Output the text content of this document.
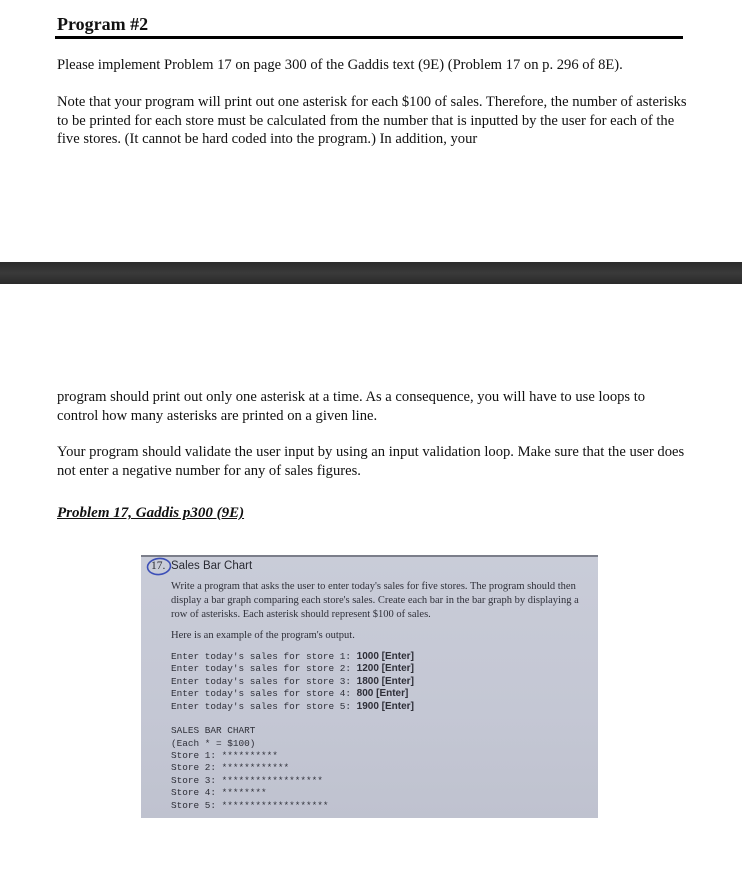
Program #2

Please implement Problem 17 on page 300 of the Gaddis text (9E) (Problem 17 on p. 296 of 8E).

Note that your program will print out one asterisk for each $100 of sales. Therefore, the number of asterisks to be printed for each store must be calculated from the number that is inputted by the user for each of the five stores. (It cannot be hard coded into the program.) In addition, your

program should print out only one asterisk at a time. As a consequence, you will have to use loops to control how many asterisks are printed on a given line.

Your program should validate the user input by using an input validation loop. Make sure that the user does not enter a negative number for any of sales figures.

Problem 17, Gaddis p300 (9E)
17. Sales Bar Chart

Write a program that asks the user to enter today's sales for five stores. The program should then display a bar graph comparing each store's sales. Create each bar in the bar graph by displaying a row of asterisks. Each asterisk should represent $100 of sales.

Here is an example of the program's output.

Enter today's sales for store 1: 1000 [Enter]
Enter today's sales for store 2: 1200 [Enter]
Enter today's sales for store 3: 1800 [Enter]
Enter today's sales for store 4: 800 [Enter]
Enter today's sales for store 5: 1900 [Enter]
SALES BAR CHART
(Each * = $100)
Store 1: **********
Store 2: ************
Store 3: ******************
Store 4: ********
Store 5: *******************
